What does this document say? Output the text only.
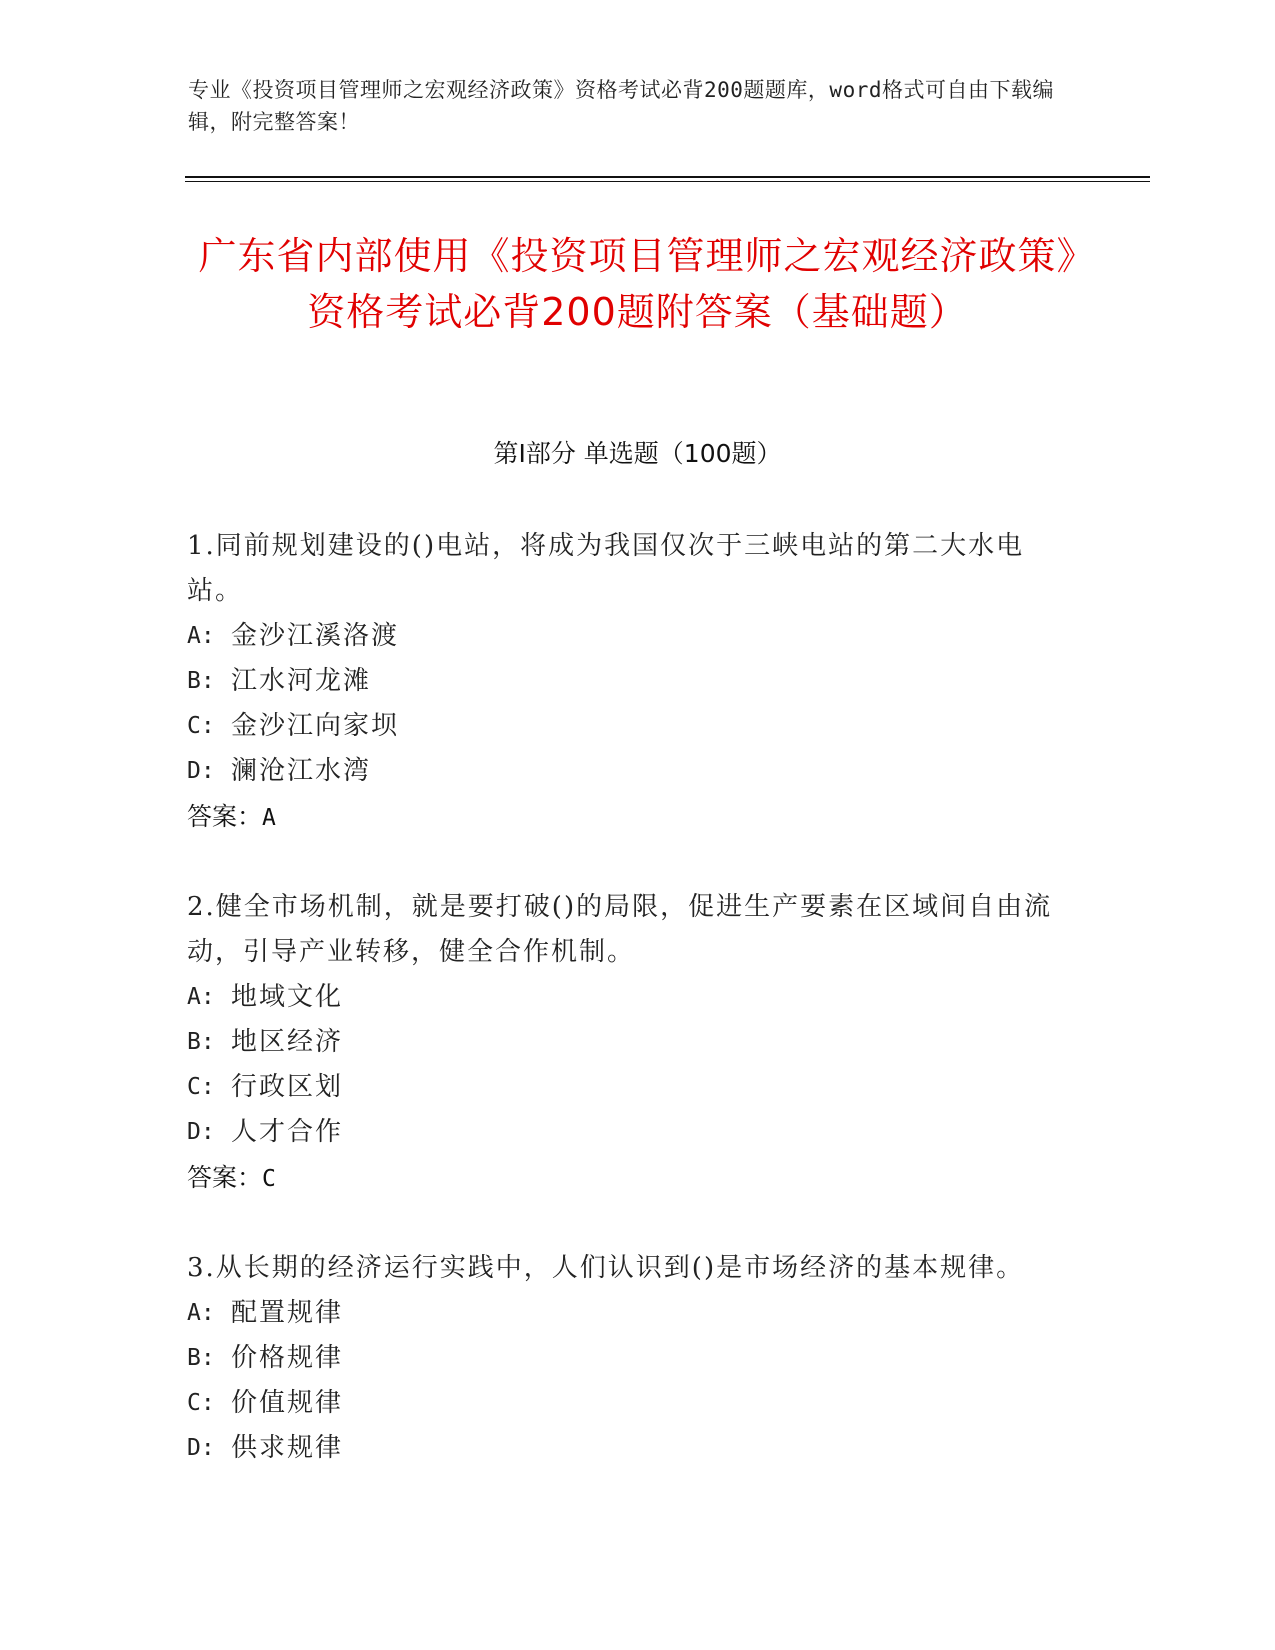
专业《投资项目管理师之宏观经济政策》资格考试必背200题题库，word格式可自由下载编辑，附完整答案！
广东省内部使用《投资项目管理师之宏观经济政策》资格考试必背200题附答案（基础题）
第Ⅰ部分 单选题（100题）
1.同前规划建设的()电站，将成为我国仅次于三峡电站的第二大水电站。
A: 金沙江溪洛渡
B: 江水河龙滩
C: 金沙江向家坝
D: 澜沧江水湾
答案：A
2.健全市场机制，就是要打破()的局限，促进生产要素在区域间自由流动，引导产业转移，健全合作机制。
A: 地域文化
B: 地区经济
C: 行政区划
D: 人才合作
答案：C
3.从长期的经济运行实践中，人们认识到()是市场经济的基本规律。
A: 配置规律
B: 价格规律
C: 价值规律
D: 供求规律
